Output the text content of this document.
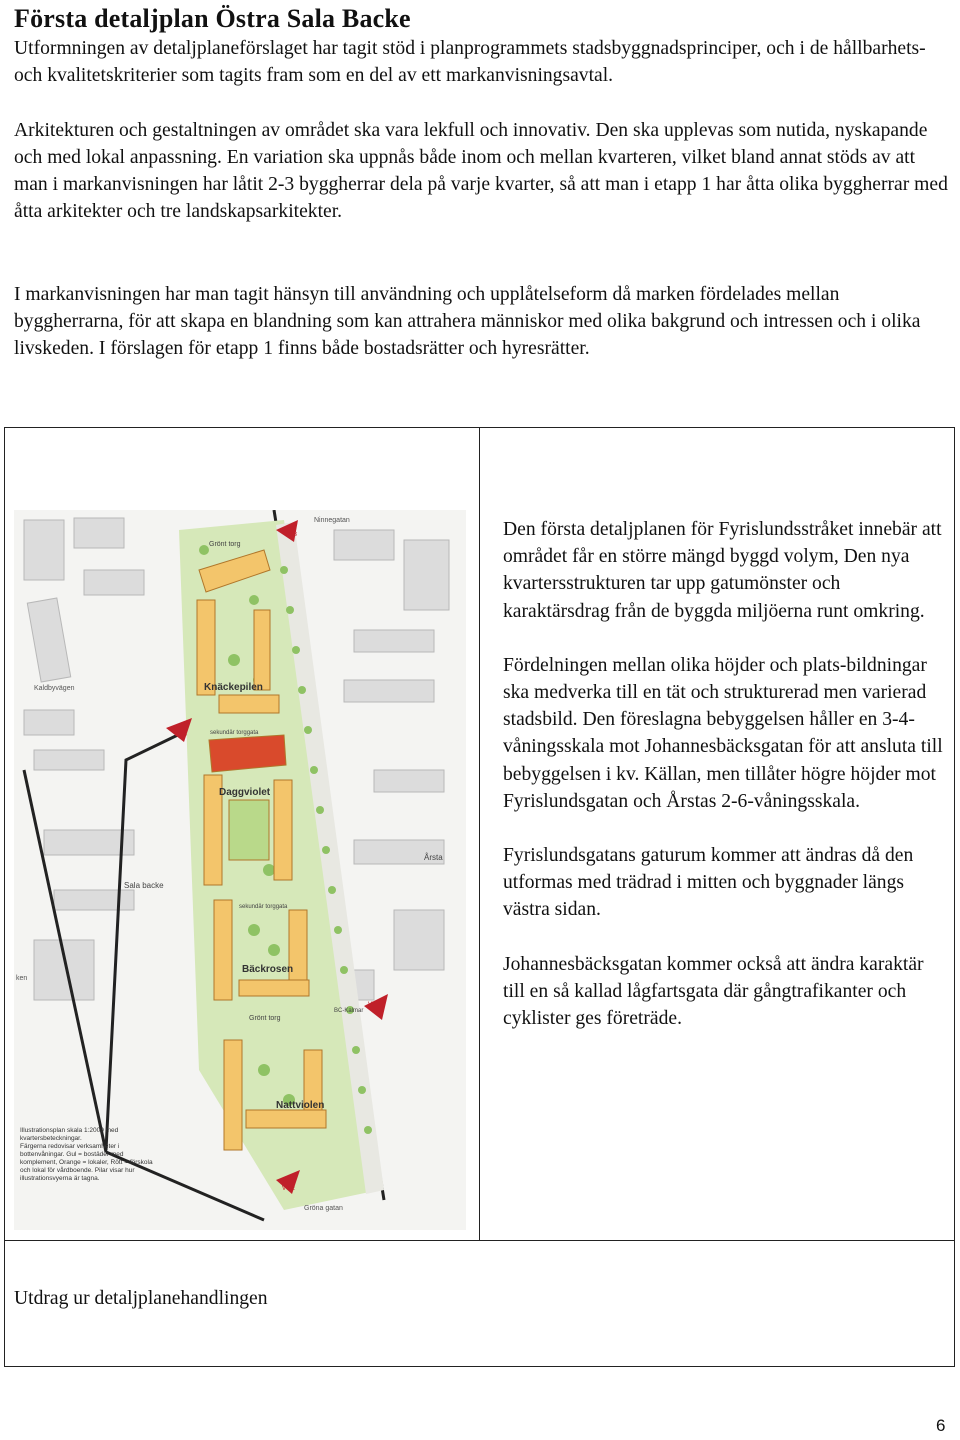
Första detaljplan Östra Sala Backe

Utformningen av detaljplaneförslaget har tagit stöd i planprogrammets stadsbyggnadsprinciper, och i de hållbarhets- och kvalitetskriterier som tagits fram som en del av ett markanvisningsavtal.

Arkitekturen och gestaltningen av området ska vara lekfull och innovativ. Den ska upplevas som nutida, nyskapande och med lokal anpassning. En variation ska uppnås både inom och mellan kvarteren, vilket bland annat stöds av att man i markanvisningen har låtit 2-3 byggherrar dela på varje kvarter, så att man i etapp 1 har åtta olika byggherrar med åtta arkitekter och tre landskapsarkitekter.

I markanvisningen har man tagit hänsyn till användning och upplåtelseform då marken fördelades mellan byggherrarna, för att skapa en blandning som kan attrahera människor med olika bakgrund och intressen och i olika livskeden. I förslagen för etapp 1 finns både bostadsrätter och hyresrätter.

Ninnegatan
Kaldbyvägen
Gröna gatan
ken
Knäckepilen
Daggviolet
Bäckrosen
Nattviolen
Sala backe
Årsta
Grönt torg
Grönt torg
VY 3
VY 4
VY 1
VY 2
BC-Kalmar
sekundär torggata
sekundär torggata
Illustrationsplan skala 1:2000 med
kvartersbeteckningar.
Färgerna redovisar verksamheter i
bottenvåningar. Gul = bostäder med
komplement, Orange = lokaler, Rött = förskola
och lokal för vårdboende. Pilar visar hur
illustrationsvyerna är tagna.

Den första detaljplanen för Fyrislundsstråket innebär att området får en större mängd byggd volym, Den nya kvartersstrukturen tar upp gatumönster och karaktärsdrag från de byggda miljöerna runt omkring.

Fördelningen mellan olika höjder och plats-bildningar ska medverka till en tät och strukturerad men varierad stadsbild. Den föreslagna bebyggelsen håller en 3-4-våningsskala mot Johannesbäcksgatan för att ansluta till bebyggelsen i kv. Källan, men tillåter högre höjder mot Fyrislundsgatan och Årstas 2-6-våningsskala.

Fyrislundsgatans gaturum kommer att ändras då den utformas med trädrad i mitten och byggnader längs västra sidan.

Johannesbäcksgatan kommer också att ändra karaktär till en så kallad lågfartsgata där gångtrafikanter och cyklister ges företräde.

Utdrag ur detaljplanehandlingen

6
